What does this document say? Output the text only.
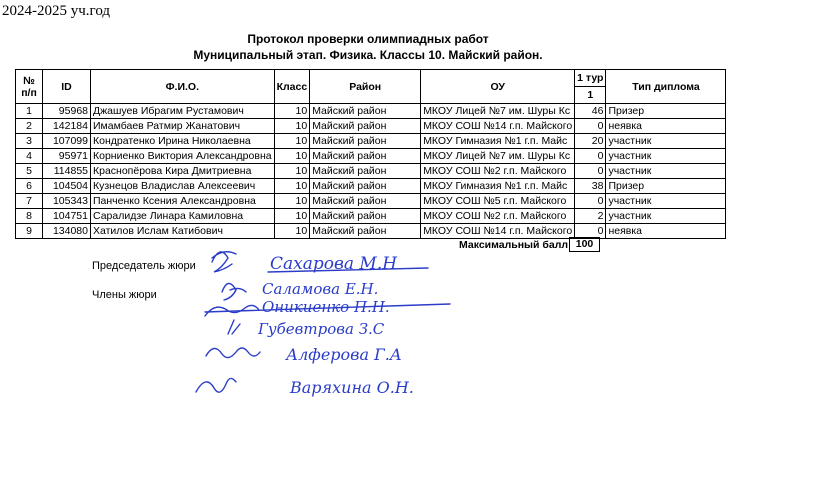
2024-2025 уч.год
Протокол проверки олимпиадных работ
Муниципальный этап. Физика. Классы 10. Майский район.
№ п/п	ID	Ф.И.О.	Класс	Район	ОУ	1 тур	Тип диплома
						1	
1	95968	Джашуев Ибрагим Рустамович	10	Майский район	МКОУ Лицей №7 им. Шуры Кс	46	Призер
2	142184	Имамбаев Ратмир Жанатович	10	Майский район	МКОУ СОШ №14 г.п. Майского	0	неявка
3	107099	Кондратенко Ирина Николаевна	10	Майский район	МКОУ Гимназия №1 г.п. Майс	20	участник
4	95971	Корниенко Виктория Александровна	10	Майский район	МКОУ Лицей №7 им. Шуры Кс	0	участник
5	114855	Краснопёрова Кира Дмитриевна	10	Майский район	МКОУ СОШ №2 г.п. Майского	0	участник
6	104504	Кузнецов Владислав Алексеевич	10	Майский район	МКОУ Гимназия №1 г.п. Майс	38	Призер
7	105343	Панченко Ксения Александровна	10	Майский район	МКОУ СОШ №5 г.п. Майского	0	участник
8	104751	Саралидзе Линара Камиловна	10	Майский район	МКОУ СОШ №2 г.п. Майского	2	участник
9	134080	Хатилов Ислам Катибович	10	Майский район	МКОУ СОШ №14 г.п. Майского	0	неявка
Максимальный балл 100
Председатель жюри
Члены жюри
Сахарова М.Н
Саламова Е.Н.
Оникиенко П.Н.
Губевтрова З.С
Алферова Г.А
Варяхина О.Н.
